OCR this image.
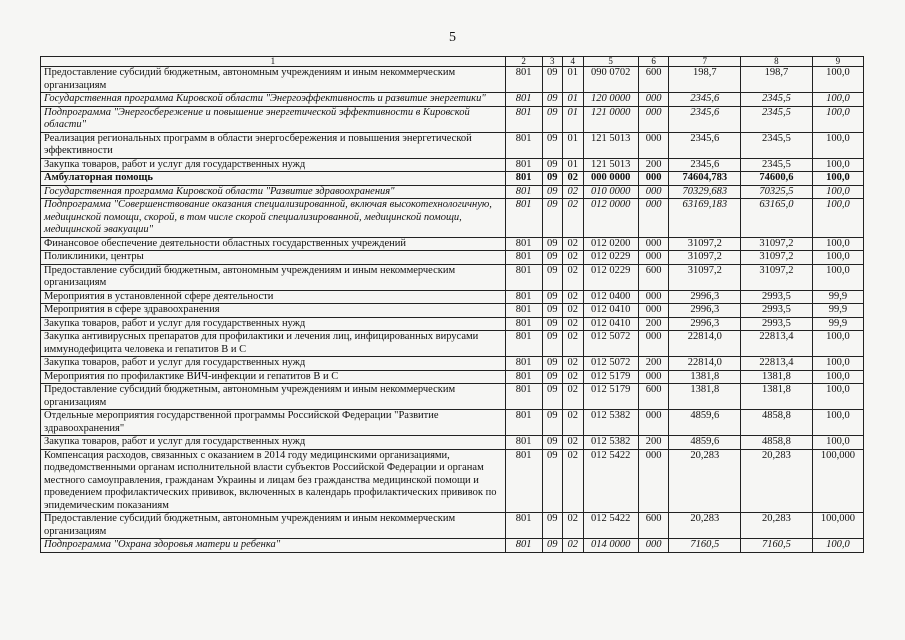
5
1	2	3	4	5	6	7	8	9
Предоставление субсидий бюджетным, автономным учреждениям и иным некоммерческим организациям	801	09	01	090 0702	600	198,7	198,7	100,0
Государственная программа Кировской области "Энергоэффективность и развитие энергетики"	801	09	01	120 0000	000	2345,6	2345,5	100,0
Подпрограмма "Энергосбережение и повышение энергетической эффективности в Кировской области"	801	09	01	121 0000	000	2345,6	2345,5	100,0
Реализация региональных программ в области энергосбережения и повышения энергетической эффективности	801	09	01	121 5013	000	2345,6	2345,5	100,0
Закупка товаров, работ и услуг для государственных нужд	801	09	01	121 5013	200	2345,6	2345,5	100,0
Амбулаторная помощь	801	09	02	000 0000	000	74604,783	74600,6	100,0
Государственная программа Кировской области "Развитие здравоохранения"	801	09	02	010 0000	000	70329,683	70325,5	100,0
Подпрограмма "Совершенствование оказания специализированной, включая высокотехнологичную, медицинской помощи, скорой, в том числе скорой специализированной, медицинской помощи, медицинской эвакуации"	801	09	02	012 0000	000	63169,183	63165,0	100,0
Финансовое обеспечение деятельности областных государственных учреждений	801	09	02	012 0200	000	31097,2	31097,2	100,0
Поликлиники, центры	801	09	02	012 0229	000	31097,2	31097,2	100,0
Предоставление субсидий бюджетным, автономным учреждениям и иным некоммерческим организациям	801	09	02	012 0229	600	31097,2	31097,2	100,0
Мероприятия в установленной сфере деятельности	801	09	02	012 0400	000	2996,3	2993,5	99,9
Мероприятия в сфере здравоохранения	801	09	02	012 0410	000	2996,3	2993,5	99,9
Закупка товаров, работ и услуг для государственных нужд	801	09	02	012 0410	200	2996,3	2993,5	99,9
Закупка антивирусных препаратов для профилактики и лечения лиц, инфицированных вирусами иммунодефицита человека и гепатитов В и С	801	09	02	012 5072	000	22814,0	22813,4	100,0
Закупка товаров, работ и услуг для государственных нужд	801	09	02	012 5072	200	22814,0	22813,4	100,0
Мероприятия по профилактике ВИЧ-инфекции и гепатитов В и С	801	09	02	012 5179	000	1381,8	1381,8	100,0
Предоставление субсидий бюджетным, автономным учреждениям и иным некоммерческим организациям	801	09	02	012 5179	600	1381,8	1381,8	100,0
Отдельные мероприятия государственной программы Российской Федерации "Развитие здравоохранения"	801	09	02	012 5382	000	4859,6	4858,8	100,0
Закупка товаров, работ и услуг для государственных нужд	801	09	02	012 5382	200	4859,6	4858,8	100,0
Компенсация расходов, связанных с оказанием в 2014 году медицинскими организациями, подведомственными органам исполнительной власти субъектов Российской Федерации и органам местного самоуправления, гражданам Украины и лицам без гражданства медицинской помощи и проведением профилактических прививок, включенных в календарь профилактических прививок по эпидемическим показаниям	801	09	02	012 5422	000	20,283	20,283	100,000
Предоставление субсидий бюджетным, автономным учреждениям и иным некоммерческим организациям	801	09	02	012 5422	600	20,283	20,283	100,000
Подпрограмма "Охрана здоровья матери и ребенка"	801	09	02	014 0000	000	7160,5	7160,5	100,0
